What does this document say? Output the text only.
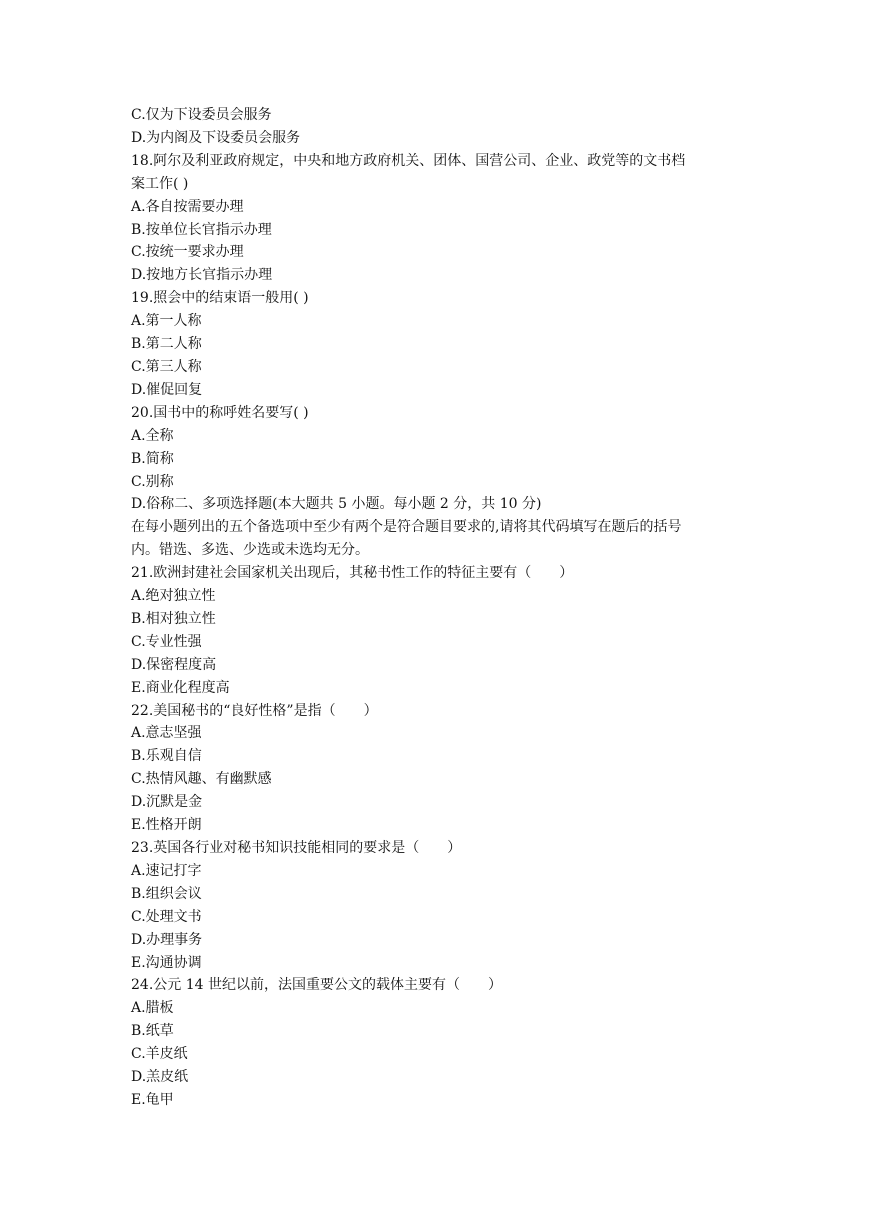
C.仅为下设委员会服务

D.为内阁及下设委员会服务

18.阿尔及利亚政府规定，中央和地方政府机关、团体、国营公司、企业、政党等的文书档

案工作( )

A.各自按需要办理

B.按单位长官指示办理

C.按统一要求办理

D.按地方长官指示办理

19.照会中的结束语一般用( )

A.第一人称

B.第二人称

C.第三人称

D.催促回复

20.国书中的称呼姓名要写( )

A.全称

B.简称

C.别称

D.俗称二、多项选择题(本大题共 5 小题。每小题 2 分，共 10 分)

在每小题列出的五个备选项中至少有两个是符合题目要求的,请将其代码填写在题后的括号

内。错选、多选、少选或未选均无分。

21.欧洲封建社会国家机关出现后，其秘书性工作的特征主要有（　　）

A.绝对独立性

B.相对独立性

C.专业性强

D.保密程度高

E.商业化程度高

22.美国秘书的“良好性格”是指（　　）

A.意志坚强

B.乐观自信

C.热情风趣、有幽默感

D.沉默是金

E.性格开朗

23.英国各行业对秘书知识技能相同的要求是（　　）

A.速记打字

B.组织会议

C.处理文书

D.办理事务

E.沟通协调

24.公元 14 世纪以前，法国重要公文的载体主要有（　　）

A.腊板

B.纸草

C.羊皮纸

D.羔皮纸

E.龟甲
